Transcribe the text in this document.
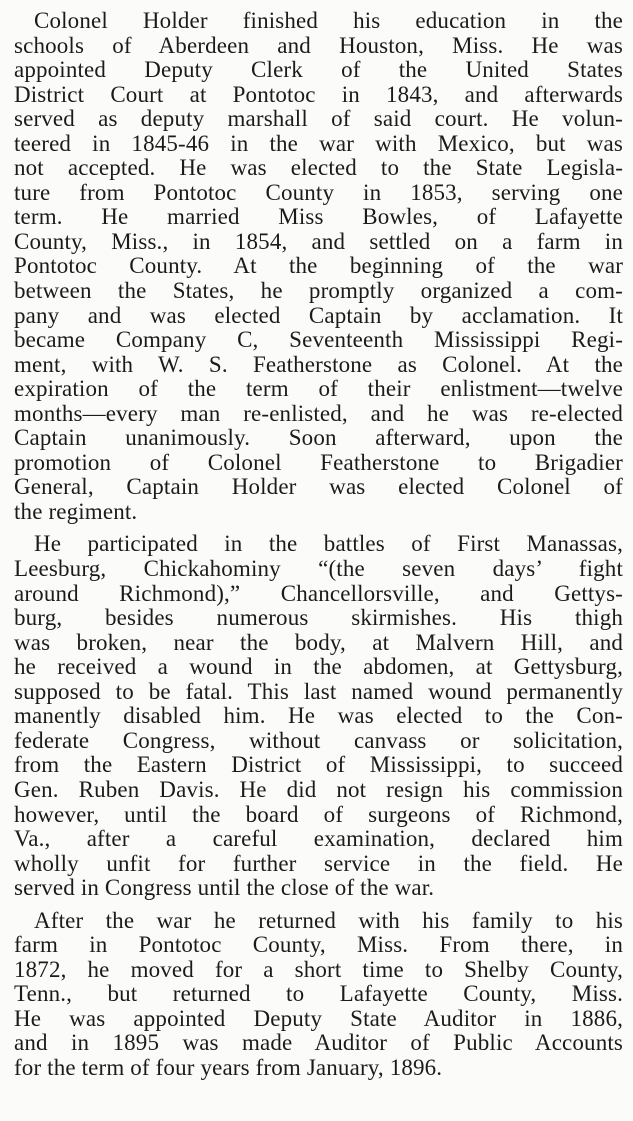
Colonel Holder finished his education in the
schools of Aberdeen and Houston, Miss. He was
appointed Deputy Clerk of the United States
District Court at Pontotoc in 1843, and afterwards
served as deputy marshall of said court. He volun-
teered in 1845-46 in the war with Mexico, but was
not accepted. He was elected to the State Legisla-
ture from Pontotoc County in 1853, serving one
term. He married Miss Bowles, of Lafayette
County, Miss., in 1854, and settled on a farm in
Pontotoc County. At the beginning of the war
between the States, he promptly organized a com-
pany and was elected Captain by acclamation. It
became Company C, Seventeenth Mississippi Regi-
ment, with W. S. Featherstone as Colonel. At the
expiration of the term of their enlistment—twelve
months—every man re-enlisted, and he was re-elected
Captain unanimously. Soon afterward, upon the
promotion of Colonel Featherstone to Brigadier
General, Captain Holder was elected Colonel of
the regiment.
He participated in the battles of First Manassas,
Leesburg, Chickahominy “(the seven days’ fight
around Richmond),” Chancellorsville, and Gettys-
burg, besides numerous skirmishes. His thigh
was broken, near the body, at Malvern Hill, and
he received a wound in the abdomen, at Gettysburg,
supposed to be fatal. This last named wound permanently
manently disabled him. He was elected to the Con-
federate Congress, without canvass or solicitation,
from the Eastern District of Mississippi, to succeed
Gen. Ruben Davis. He did not resign his commission
however, until the board of surgeons of Richmond,
Va., after a careful examination, declared him
wholly unfit for further service in the field. He
served in Congress until the close of the war.
After the war he returned with his family to his
farm in Pontotoc County, Miss. From there, in
1872, he moved for a short time to Shelby County,
Tenn., but returned to Lafayette County, Miss.
He was appointed Deputy State Auditor in 1886,
and in 1895 was made Auditor of Public Accounts
for the term of four years from January, 1896.
